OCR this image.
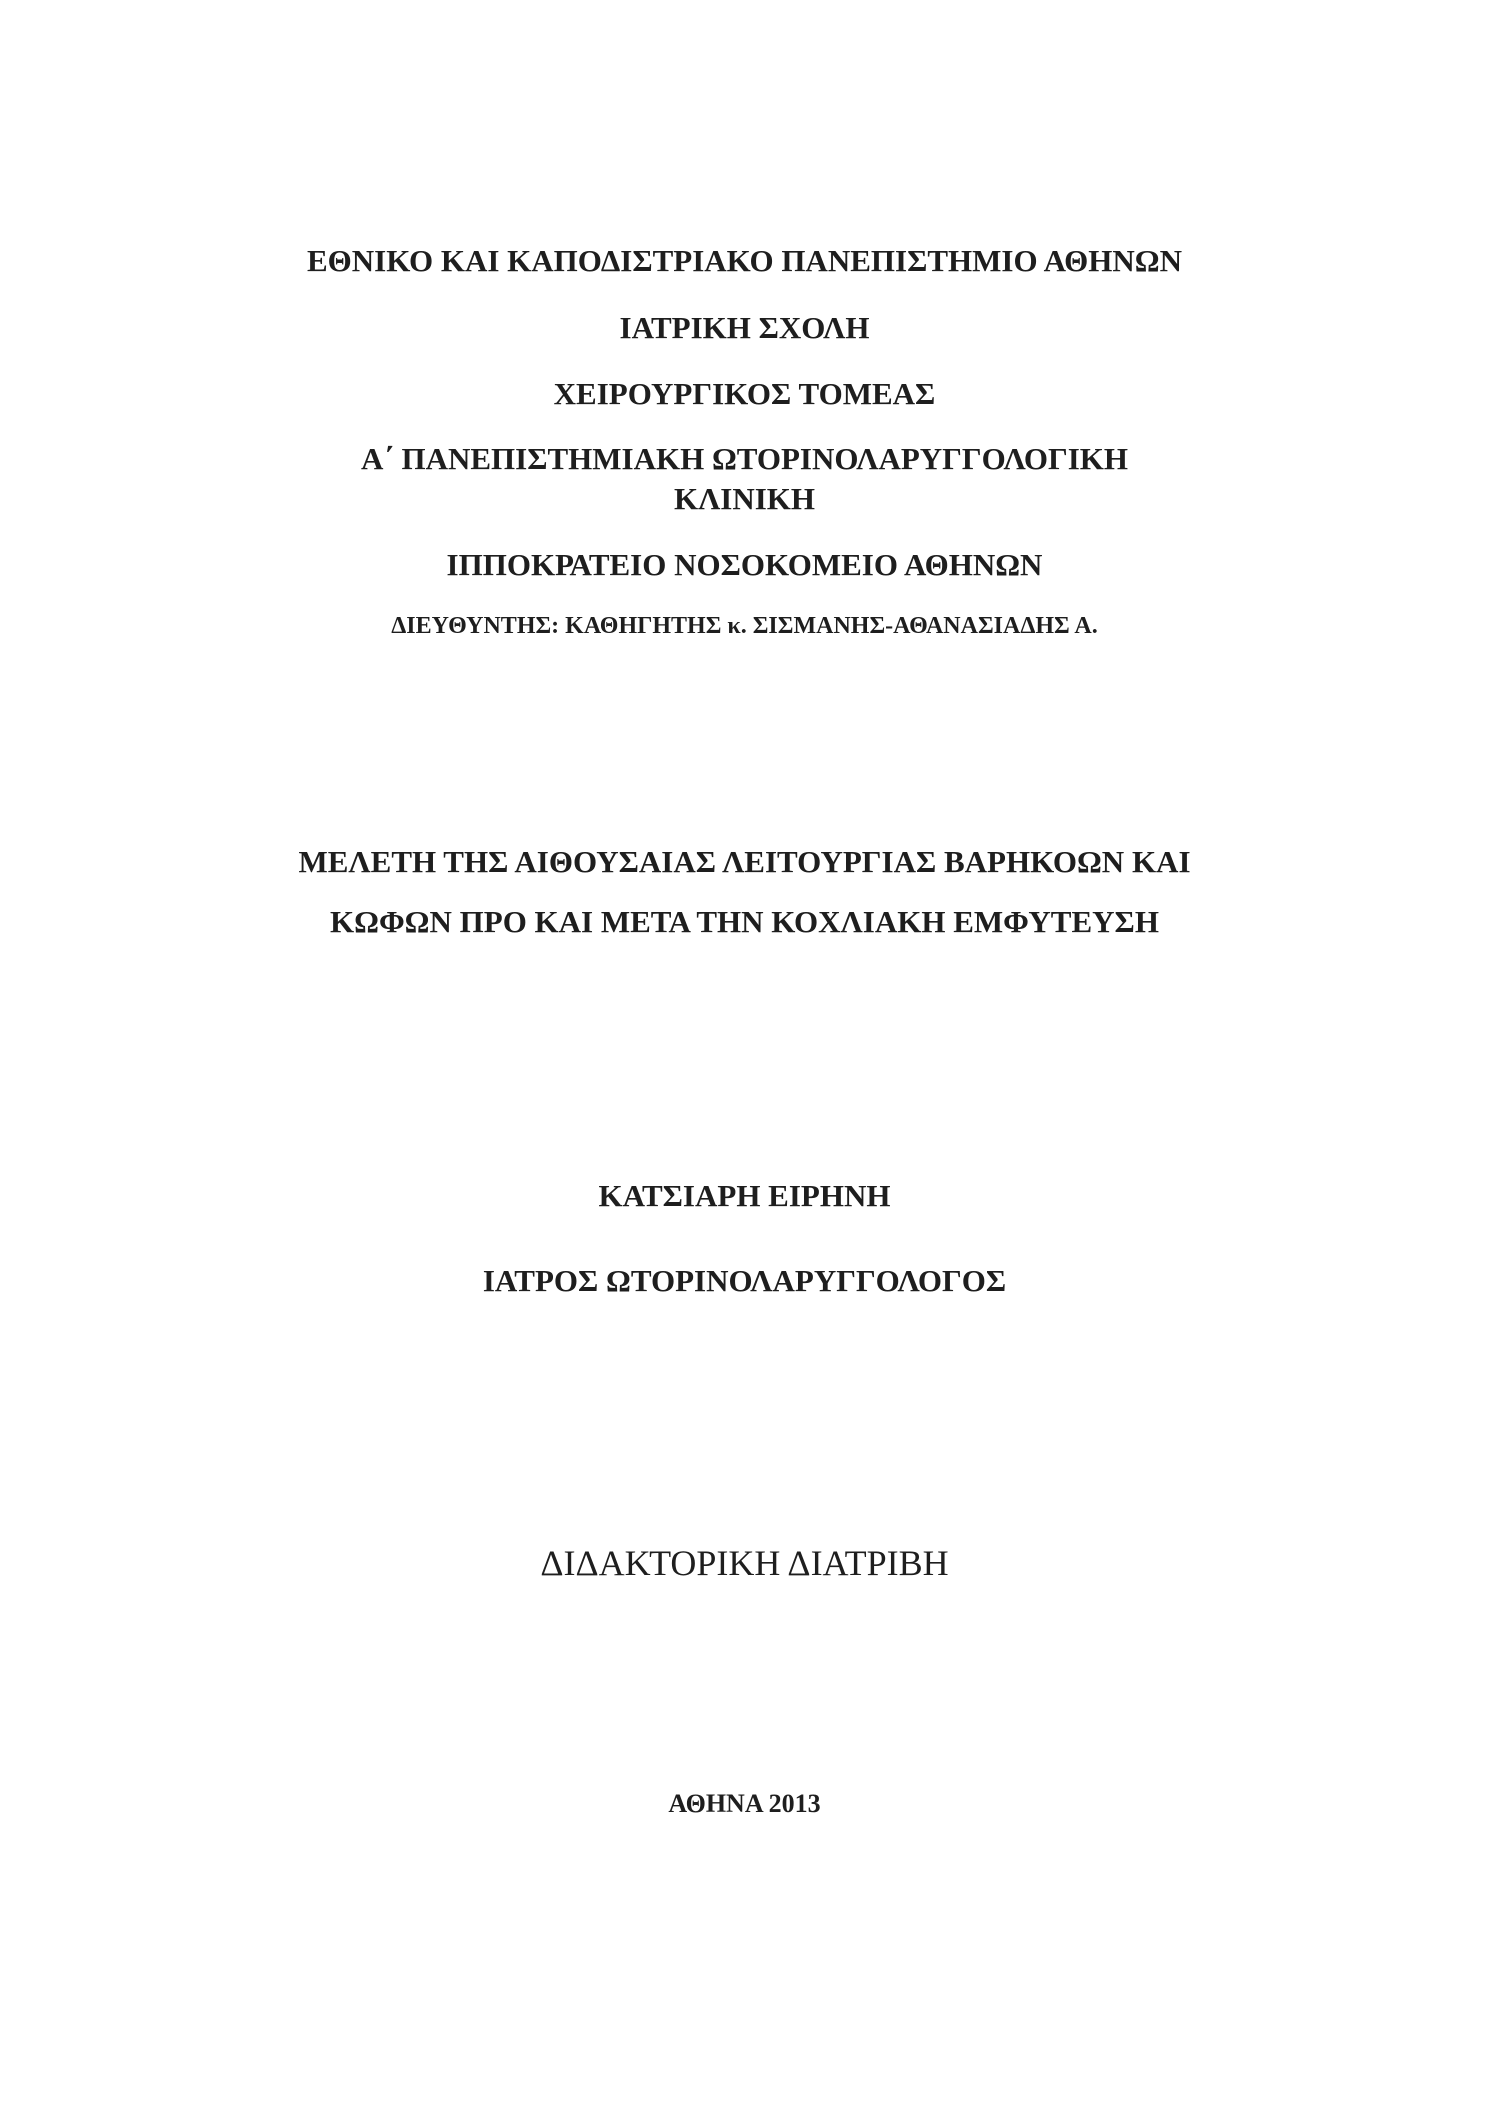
ΕΘΝΙΚΟ ΚΑΙ ΚΑΠΟΔΙΣΤΡΙΑΚΟ ΠΑΝΕΠΙΣΤΗΜΙΟ ΑΘΗΝΩΝ
ΙΑΤΡΙΚΗ ΣΧΟΛΗ
ΧΕΙΡΟΥΡΓΙΚΟΣ ΤΟΜΕΑΣ
Α΄ ΠΑΝΕΠΙΣΤΗΜΙΑΚΗ ΩΤΟΡΙΝΟΛΑΡΥΓΓΟΛΟΓΙΚΗ
ΚΛΙΝΙΚΗ
ΙΠΠΟΚΡΑΤΕΙΟ ΝΟΣΟΚΟΜΕΙΟ ΑΘΗΝΩΝ
ΔΙΕΥΘΥΝΤΗΣ: ΚΑΘΗΓΗΤΗΣ κ. ΣΙΣΜΑΝΗΣ-ΑΘΑΝΑΣΙΑΔΗΣ Α.
ΜΕΛΕΤΗ ΤΗΣ ΑΙΘΟΥΣΑΙΑΣ ΛΕΙΤΟΥΡΓΙΑΣ ΒΑΡΗΚΟΩΝ ΚΑΙ
ΚΩΦΩΝ ΠΡΟ ΚΑΙ ΜΕΤΑ ΤΗΝ ΚΟΧΛΙΑΚΗ ΕΜΦΥΤΕΥΣΗ
ΚΑΤΣΙΑΡΗ ΕΙΡΗΝΗ
ΙΑΤΡΟΣ ΩΤΟΡΙΝΟΛΑΡΥΓΓΟΛΟΓΟΣ
ΔΙΔΑΚΤΟΡΙΚΗ ΔΙΑΤΡΙΒΗ
ΑΘΗΝΑ 2013
